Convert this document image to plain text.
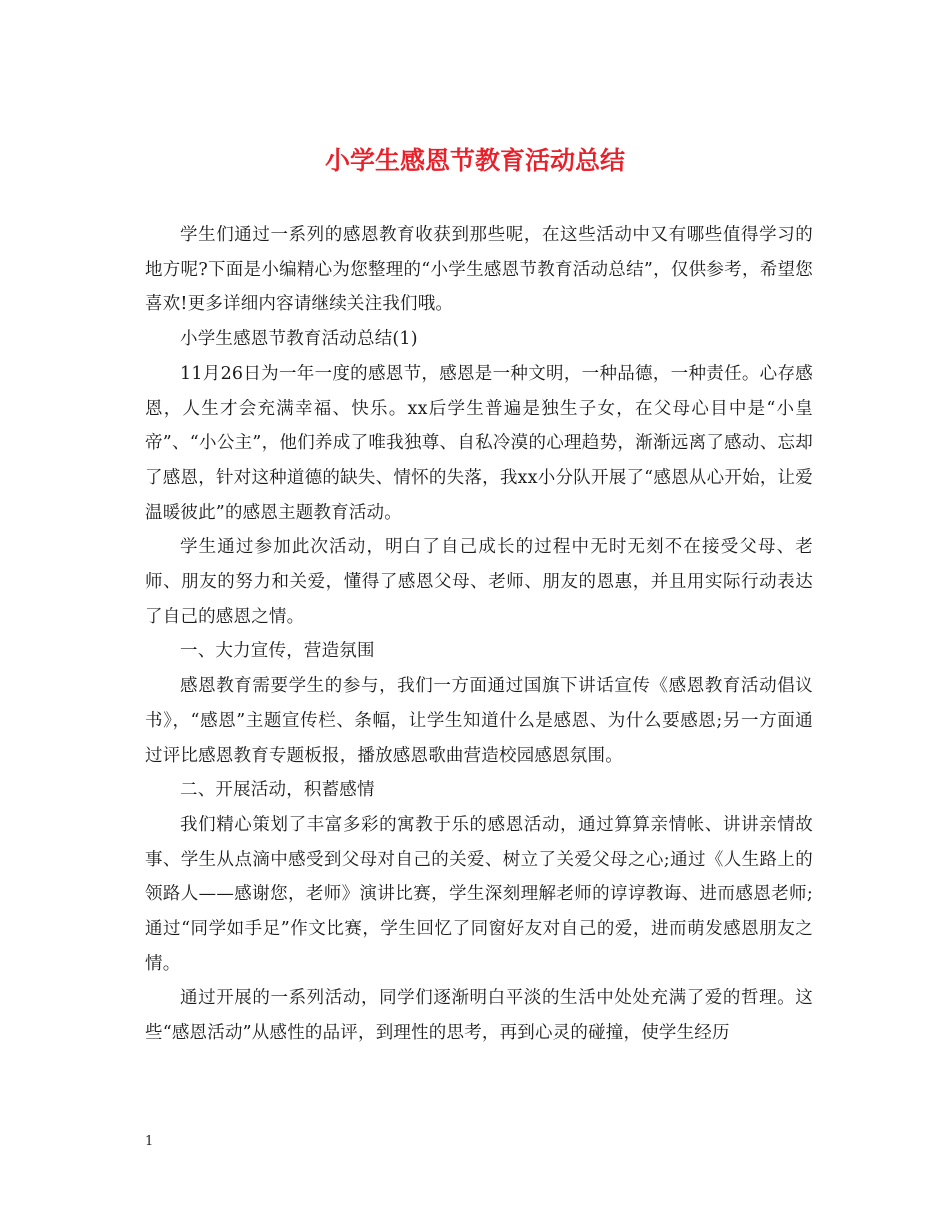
小学生感恩节教育活动总结

学生们通过一系列的感恩教育收获到那些呢，在这些活动中又有哪些值得学习的地方呢?下面是小编精心为您整理的“小学生感恩节教育活动总结”，仅供参考，希望您喜欢!更多详细内容请继续关注我们哦。

小学生感恩节教育活动总结(1)

11月26日为一年一度的感恩节，感恩是一种文明，一种品德，一种责任。心存感恩，人生才会充满幸福、快乐。xx后学生普遍是独生子女，在父母心目中是“小皇帝”、“小公主”，他们养成了唯我独尊、自私冷漠的心理趋势，渐渐远离了感动、忘却了感恩，针对这种道德的缺失、情怀的失落，我xx小分队开展了“感恩从心开始，让爱温暖彼此”的感恩主题教育活动。

学生通过参加此次活动，明白了自己成长的过程中无时无刻不在接受父母、老师、朋友的努力和关爱，懂得了感恩父母、老师、朋友的恩惠，并且用实际行动表达了自己的感恩之情。

一、大力宣传，营造氛围

感恩教育需要学生的参与，我们一方面通过国旗下讲话宣传《感恩教育活动倡议书》，“感恩”主题宣传栏、条幅，让学生知道什么是感恩、为什么要感恩;另一方面通过评比感恩教育专题板报，播放感恩歌曲营造校园感恩氛围。

二、开展活动，积蓄感情

我们精心策划了丰富多彩的寓教于乐的感恩活动，通过算算亲情帐、讲讲亲情故事、学生从点滴中感受到父母对自己的关爱、树立了关爱父母之心;通过《人生路上的领路人——感谢您，老师》演讲比赛，学生深刻理解老师的谆谆教诲、进而感恩老师;通过“同学如手足”作文比赛，学生回忆了同窗好友对自己的爱，进而萌发感恩朋友之情。

通过开展的一系列活动，同学们逐渐明白平淡的生活中处处充满了爱的哲理。这些“感恩活动”从感性的品评，到理性的思考，再到心灵的碰撞，使学生经历

1
